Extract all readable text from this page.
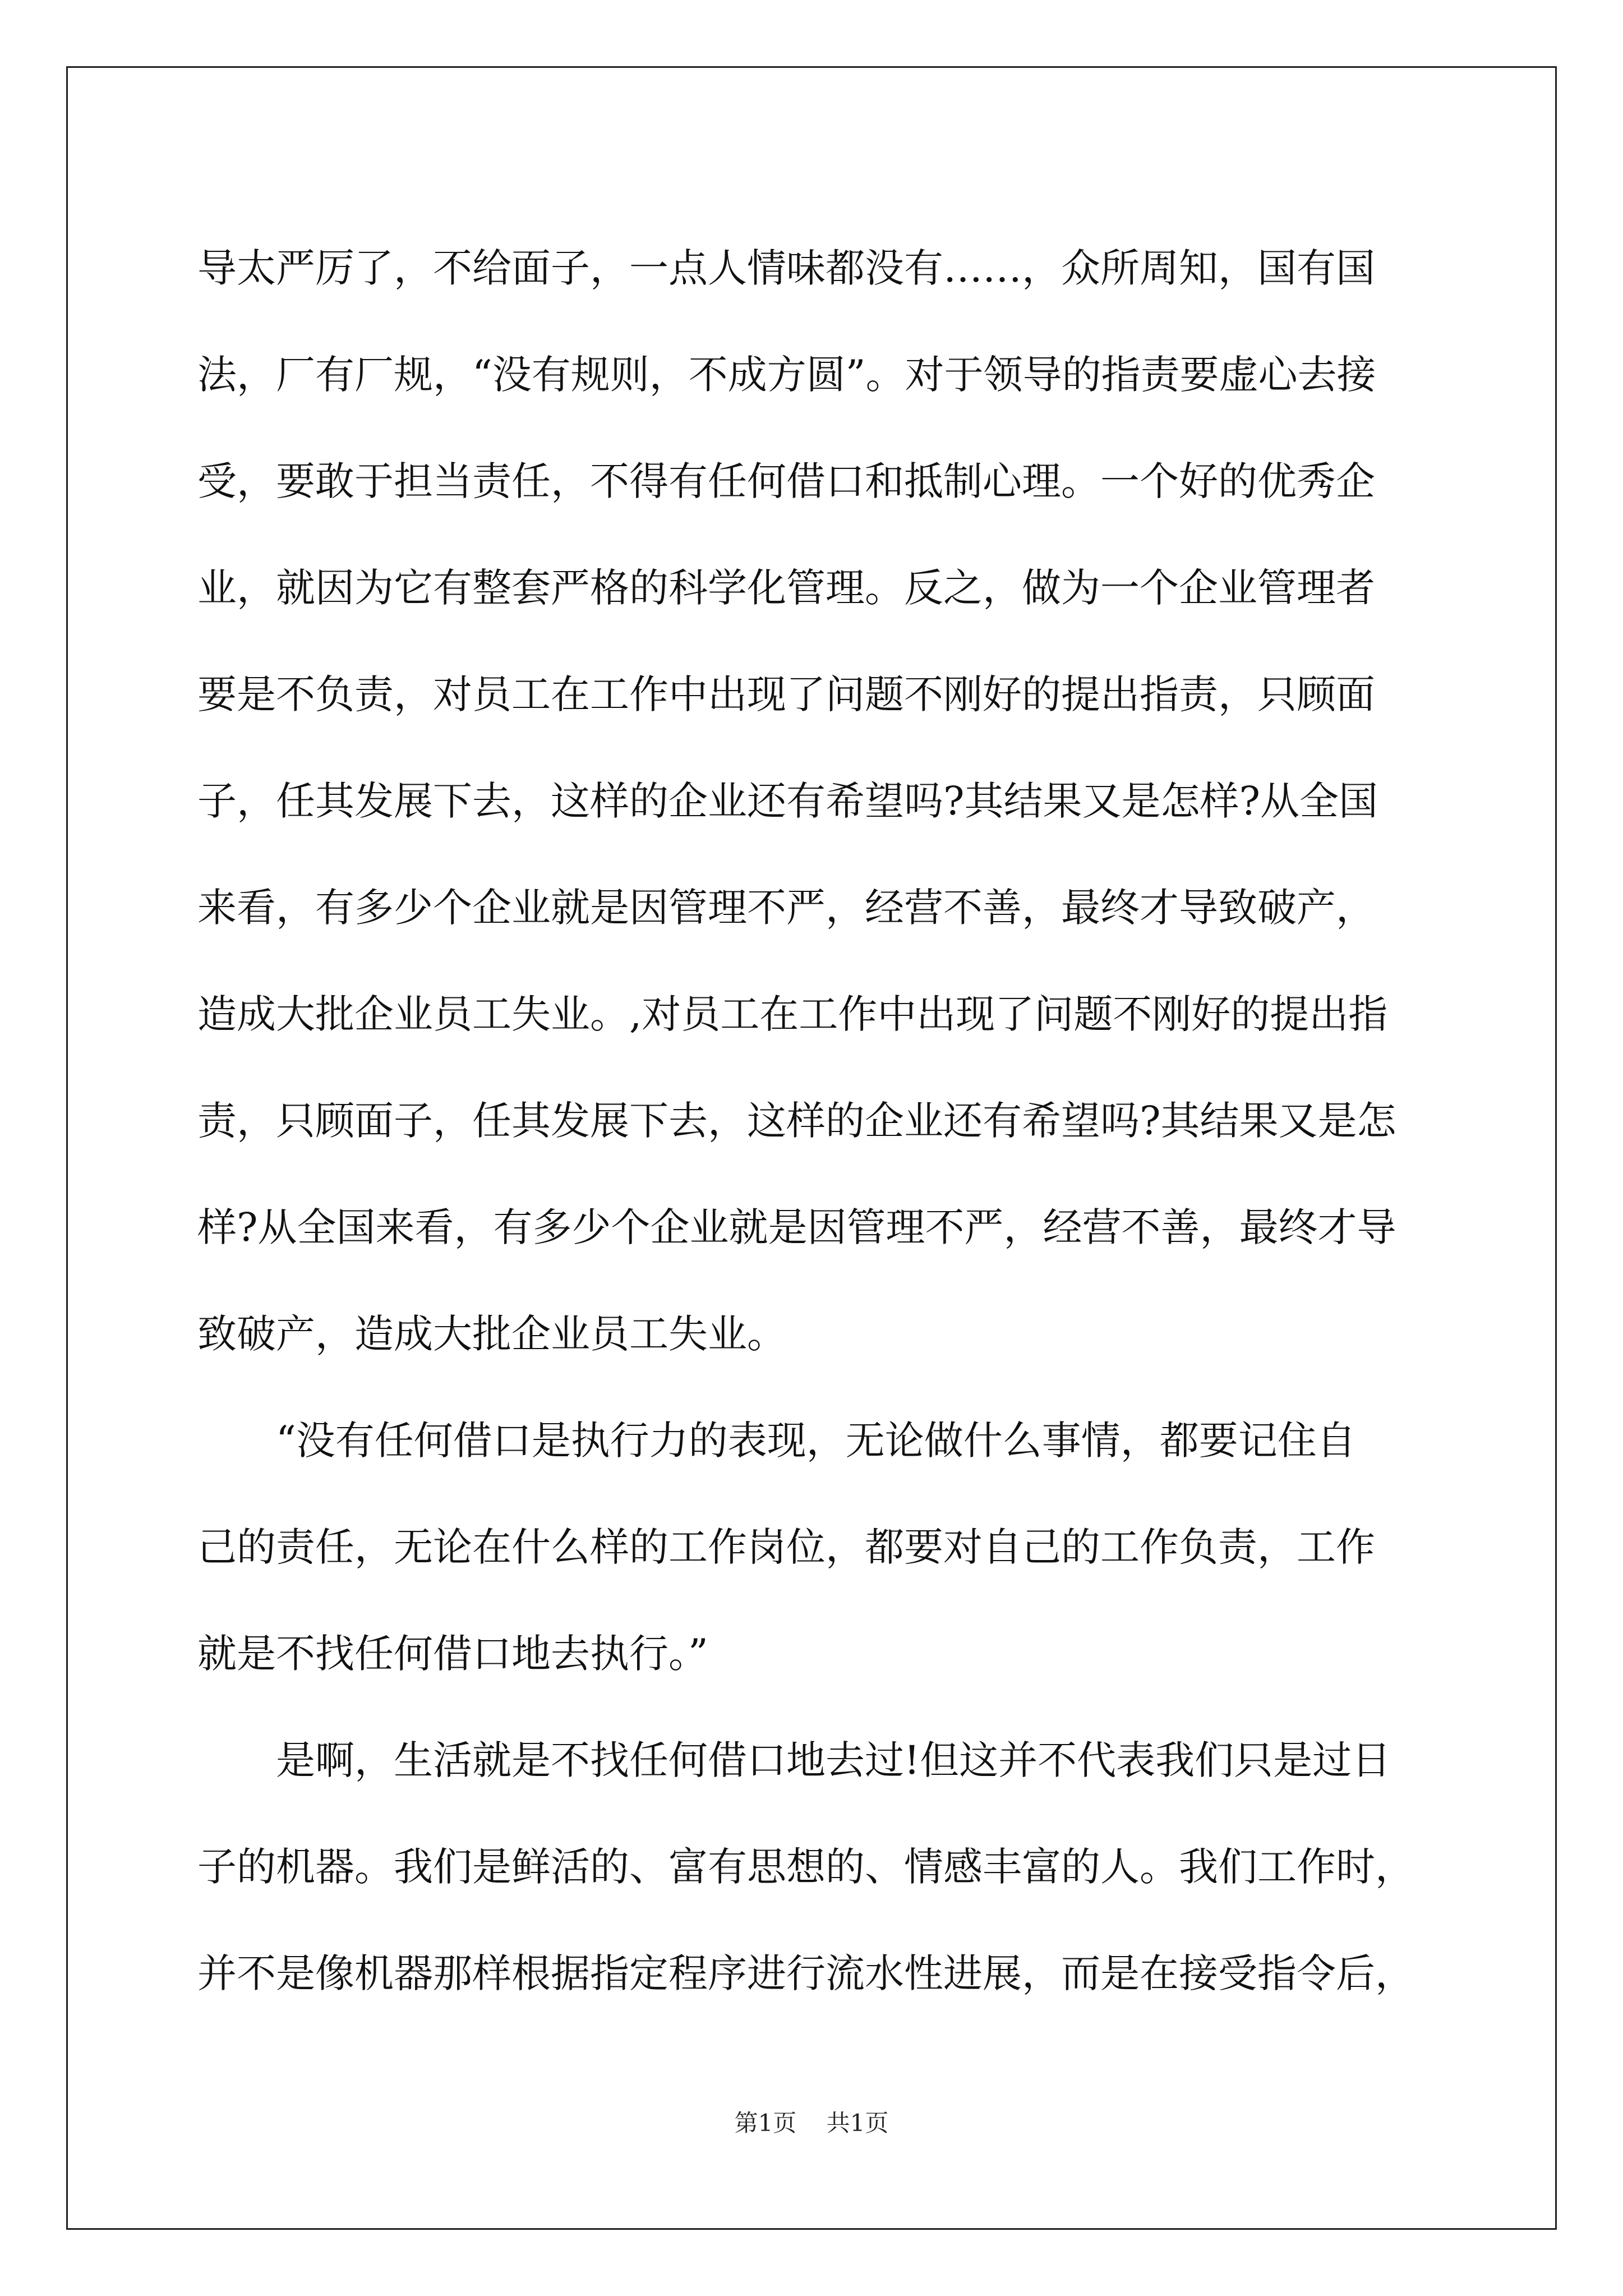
导太严厉了，不给面子，一点人情味都没有……，众所周知，国有国
法，厂有厂规，“没有规则，不成方圆”。对于领导的指责要虚心去接
受，要敢于担当责任，不得有任何借口和抵制心理。一个好的优秀企
业，就因为它有整套严格的科学化管理。反之，做为一个企业管理者
要是不负责，对员工在工作中出现了问题不刚好的提出指责，只顾面
子，任其发展下去，这样的企业还有希望吗?其结果又是怎样?从全国
来看，有多少个企业就是因管理不严，经营不善，最终才导致破产，
造成大批企业员工失业。,对员工在工作中出现了问题不刚好的提出指
责，只顾面子，任其发展下去，这样的企业还有希望吗?其结果又是怎
样?从全国来看，有多少个企业就是因管理不严，经营不善，最终才导
致破产，造成大批企业员工失业。
“没有任何借口是执行力的表现，无论做什么事情，都要记住自
己的责任，无论在什么样的工作岗位，都要对自己的工作负责，工作
就是不找任何借口地去执行。”
是啊，生活就是不找任何借口地去过!但这并不代表我们只是过日
子的机器。我们是鲜活的、富有思想的、情感丰富的人。我们工作时，
并不是像机器那样根据指定程序进行流水性进展，而是在接受指令后，
第1页 共1页
